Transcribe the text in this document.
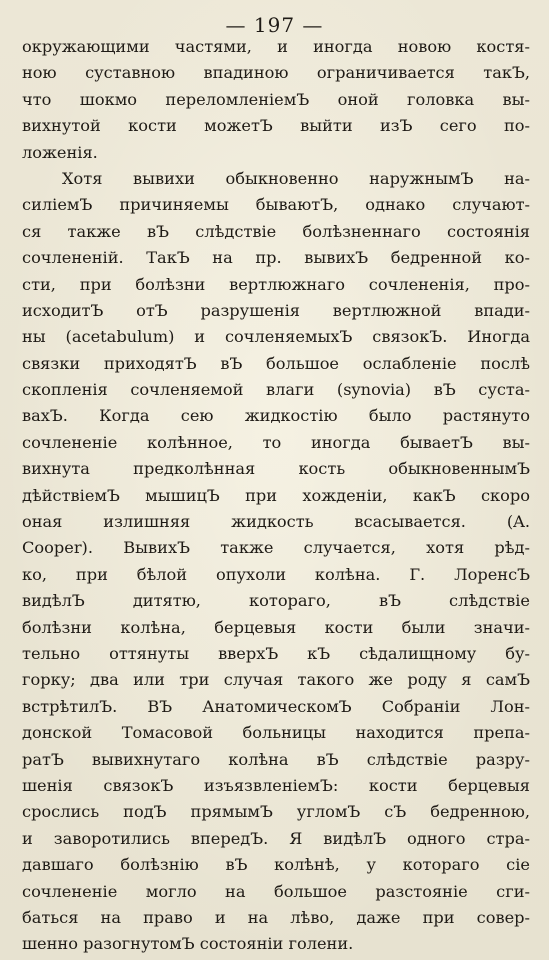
— 197 —
окружающими частями, и иногда новою костя-
ною суставною впадиною ограничивается такЪ,
что шокмо переломленіемЪ оной головка вы-
вихнутой кости можетЪ выйти изЪ сего по-
ложенія.
Хотя вывихи обыкновенно наружнымЪ на-
силiемЪ причиняемы бываютЪ, однако случают-
ся также вЪ слѣдствіе болѣзненнаго состоянія
сочлененій. ТакЪ на пр. вывихЪ бедренной ко-
сти, при болѣзни вертлюжнаго сочлененія, про-
исходитЪ отЪ разрушенія вертлюжной впади-
ны (acetabulum) и сочленяемыхЪ связокЪ. Иногда
связки приходятЪ вЪ большое ослабленіе послѣ
скопленія сочленяемой влаги (synovia) вЪ суста-
вахЪ. Когда сею жидкостію было растянуто
сочлененіе колѣнное, то иногда бываетЪ вы-
вихнута предколѣнная кость обыкновеннымЪ
дѣйствіемЪ мышицЪ при хожденіи, какЪ скоро
оная излишняя жидкость всасывается. (A.
Cooper). ВывихЪ также случается, хотя рѣд-
ко, при бѣлой опухоли колѣна. Г. ЛоренсЪ
видѣлЪ дитятю, котораго, вЪ слѣдствіе
болѣзни колѣна, берцевыя кости были значи-
тельно оттянуты вверхЪ кЪ сѣдалищному бу-
горку; два или три случая такого же роду я самЪ
встрѣтилЪ. ВЪ АнатомическомЪ Собраніи Лон-
донской Томасовой больницы находится препа-
ратЪ вывихнутаго колѣна вЪ слѣдствіе разру-
шенія связокЪ изъязвленіемЪ: кости берцевыя
срослись подЪ прямымЪ угломЪ сЪ бедренною,
и заворотились впередЪ. Я видѣлЪ одного стра-
давшаго болѣзнію вЪ колѣнѣ, у котораго сіе
сочлененіе могло на большое разстояніе сги-
баться на право и на лѣво, даже при совер-
шенно разогнутомЪ состояніи голени.
